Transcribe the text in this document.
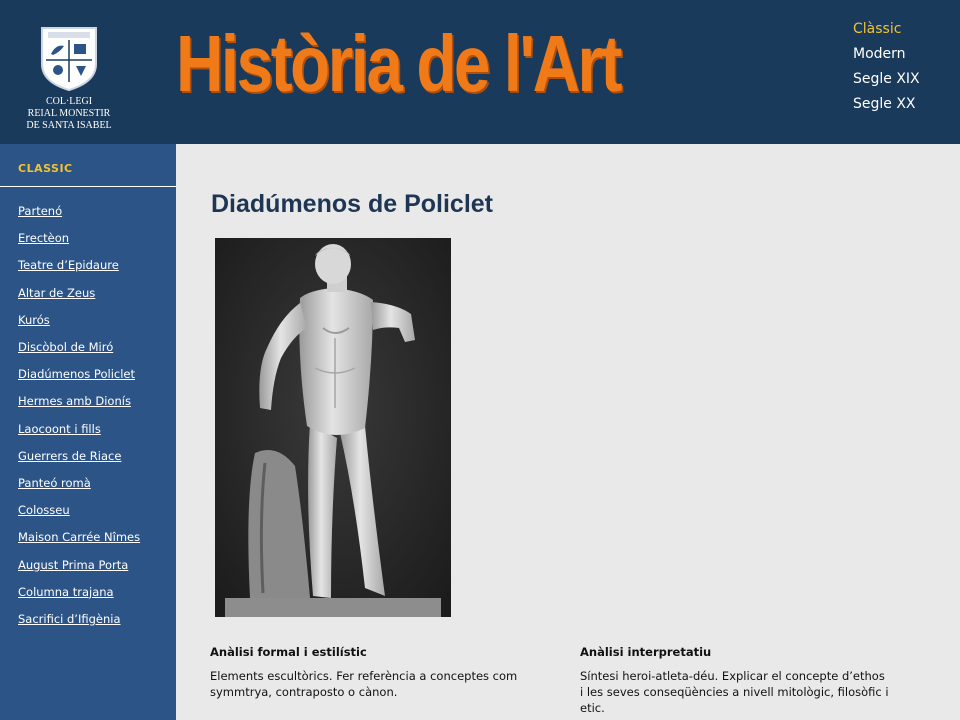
COL·LEGI
REIAL MONESTIR
DE SANTA ISABEL
Història de l'Art	Clàssic
Modern
Segle XIX
Segle XX
CLASSIC
Partenó
Erectèon
Teatre d’Epidaure
Altar de Zeus
Kurós
Discòbol de Miró
Diadúmenos Policlet
Hermes amb Dionís
Laocoont i fills
Guerrers de Riace
Panteó romà
Colosseu
Maison Carrée Nîmes
August Prima Porta
Columna trajana
Sacrifici d’Ifigènia
Diadúmenos de Policlet
Anàlisi formal i estilístic

Elements escultòrics. Fer referència a conceptes com symmtrya, contraposto o cànon.

Anàlisi interpretatiu

Síntesi heroi-atleta-déu. Explicar el concepte d’ethos i les seves conseqüències a nivell mitològic, filosòfic i etic.
